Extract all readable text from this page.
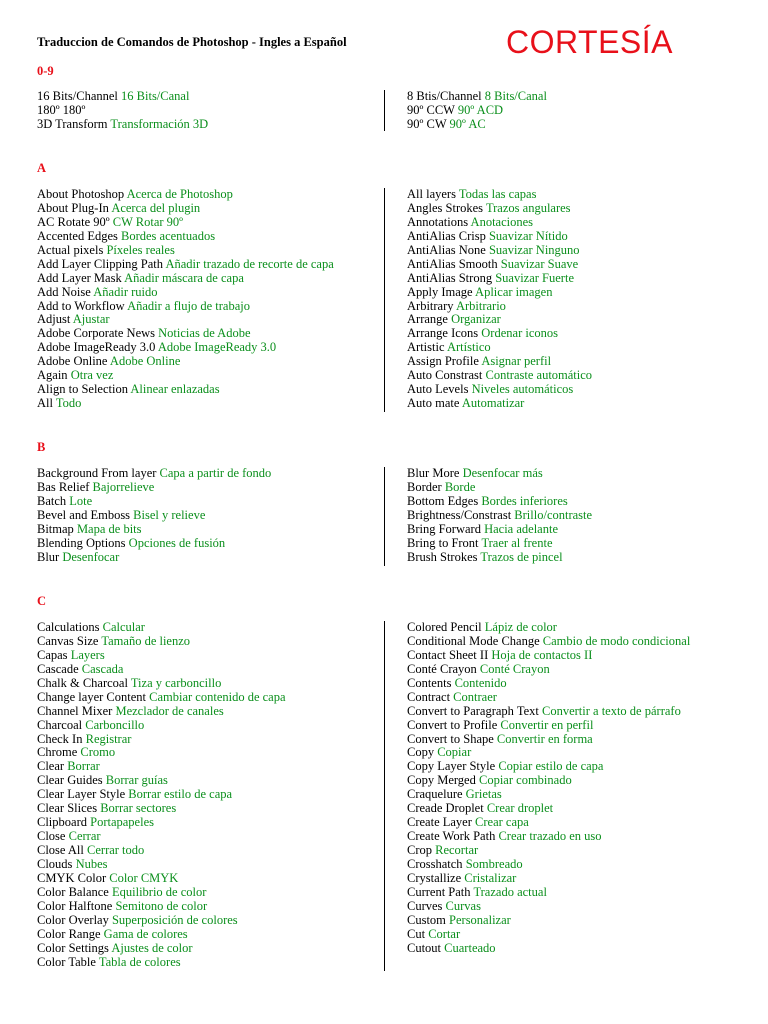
Traduccion de Comandos de Photoshop - Ingles a Español	CORTESÍA
0-9
16 Bits/Channel 16 Bits/Canal
180º 180º
3D Transform Transformación 3D
8 Btis/Channel 8 Bits/Canal
90º CCW 90º ACD
90º CW 90º AC
A
About Photoshop Acerca de Photoshop
About Plug-In Acerca del plugin
AC Rotate 90º CW Rotar 90º
Accented Edges Bordes acentuados
Actual pixels Píxeles reales
Add Layer Clipping Path Añadir trazado de recorte de capa
Add Layer Mask Añadir máscara de capa
Add Noise Añadir ruido
Add to Workflow Añadir a flujo de trabajo
Adjust Ajustar
Adobe Corporate News Noticias de Adobe
Adobe ImageReady 3.0 Adobe ImageReady 3.0
Adobe Online Adobe Online
Again Otra vez
Align to Selection Alinear enlazadas
All Todo
All layers Todas las capas
Angles Strokes Trazos angulares
Annotations Anotaciones
AntiAlias Crisp Suavizar Nítido
AntiAlias None Suavizar Ninguno
AntiAlias Smooth Suavizar Suave
AntiAlias Strong Suavizar Fuerte
Apply Image Aplicar imagen
Arbitrary Arbitrario
Arrange Organizar
Arrange Icons Ordenar iconos
Artistic Artístico
Assign Profile Asignar perfil
Auto Constrast Contraste automático
Auto Levels Niveles automáticos
Auto mate Automatizar
B
Background From layer Capa a partir de fondo
Bas Relief Bajorrelieve
Batch Lote
Bevel and Emboss Bisel y relieve
Bitmap Mapa de bits
Blending Options Opciones de fusión
Blur Desenfocar
Blur More Desenfocar más
Border Borde
Bottom Edges Bordes inferiores
Brightness/Constrast Brillo/contraste
Bring Forward Hacia adelante
Bring to Front Traer al frente
Brush Strokes Trazos de pincel
C
Calculations Calcular
Canvas Size Tamaño de lienzo
Capas Layers
Cascade Cascada
Chalk & Charcoal Tiza y carboncillo
Change layer Content Cambiar contenido de capa
Channel Mixer Mezclador de canales
Charcoal Carboncillo
Check In Registrar
Chrome Cromo
Clear Borrar
Clear Guides Borrar guías
Clear Layer Style Borrar estilo de capa
Clear Slices Borrar sectores
Clipboard Portapapeles
Close Cerrar
Close All Cerrar todo
Clouds Nubes
CMYK Color Color CMYK
Color Balance Equilibrio de color
Color Halftone Semitono de color
Color Overlay Superposición de colores
Color Range Gama de colores
Color Settings Ajustes de color
Color Table Tabla de colores
Colored Pencil Lápiz de color
Conditional Mode Change Cambio de modo condicional
Contact Sheet II Hoja de contactos II
Conté Crayon Conté Crayon
Contents Contenido
Contract Contraer
Convert to Paragraph Text Convertir a texto de párrafo
Convert to Profile Convertir en perfil
Convert to Shape Convertir en forma
Copy Copiar
Copy Layer Style Copiar estilo de capa
Copy Merged Copiar combinado
Craquelure Grietas
Creade Droplet Crear droplet
Create Layer Crear capa
Create Work Path Crear trazado en uso
Crop Recortar
Crosshatch Sombreado
Crystallize Cristalizar
Current Path Trazado actual
Curves Curvas
Custom Personalizar
Cut Cortar
Cutout Cuarteado
